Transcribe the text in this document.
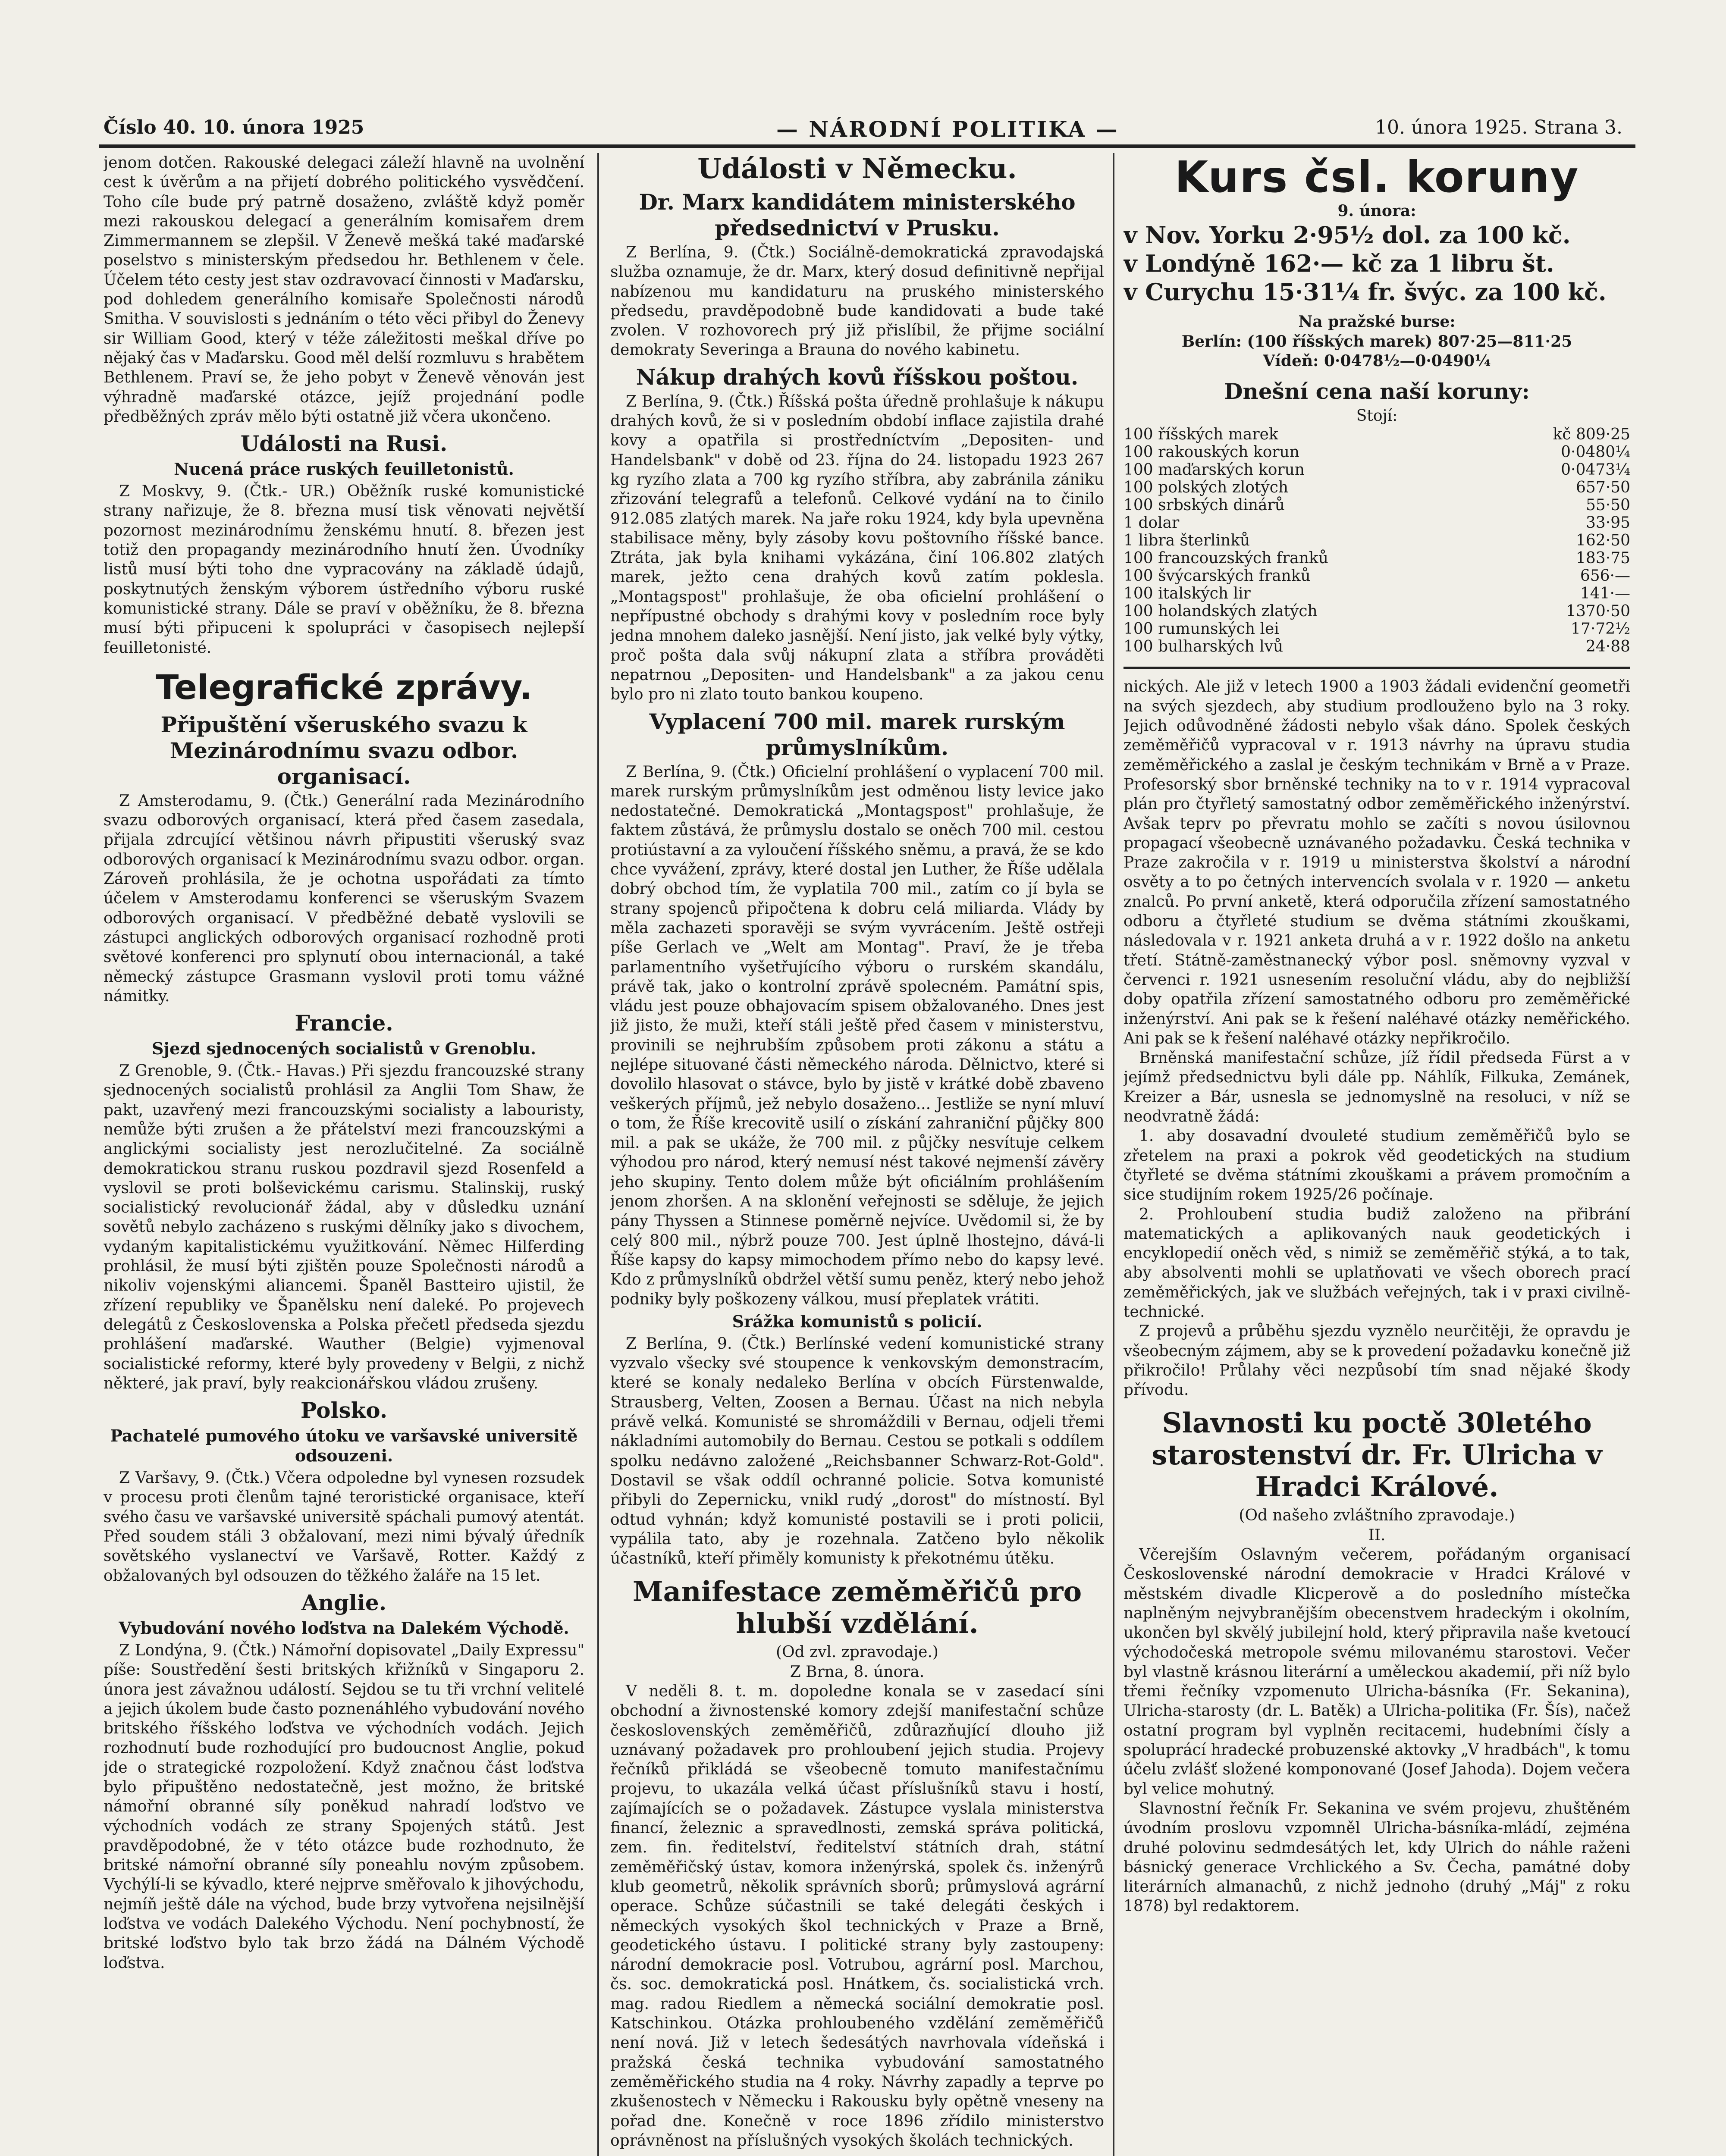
Číslo 40. 10. února 1925	— NÁRODNÍ POLITIKA —	10. února 1925. Strana 3.

jenom dotčen. Rakouské delegaci záleží hlavně na uvolnění cest k úvěrům a na přijetí dobrého politického vysvědčení. Toho cíle bude prý patrně dosaženo, zvláště když poměr mezi rakouskou delegací a generálním komisařem drem Zimmermannem se zlepšil. V Ženevě mešká také maďarské poselstvo s ministerským předsedou hr. Bethlenem v čele. Účelem této cesty jest stav ozdravovací činnosti v Maďarsku, pod dohledem generálního komisaře Společnosti národů Smitha. V souvislosti s jednáním o této věci přibyl do Ženevy sir William Good, který v téže záležitosti meškal dříve po nějaký čas v Maďarsku. Good měl delší rozmluvu s hrabětem Bethlenem. Praví se, že jeho pobyt v Ženevě věnován jest výhradně maďarské otázce, jejíž projednání podle předběžných zpráv mělo býti ostatně již včera ukončeno.

Události na Rusi.
Nucená práce ruských feuilletonistů.

Z Moskvy, 9. (Čtk.- UR.) Oběžník ruské komunistické strany nařizuje, že 8. března musí tisk věnovati největší pozornost mezinárodnímu ženskému hnutí. 8. březen jest totiž den propagandy mezinárodního hnutí žen. Úvodníky listů musí býti toho dne vypracovány na základě údajů, poskytnutých ženským výborem ústředního výboru ruské komunistické strany. Dále se praví v oběžníku, že 8. března musí býti připuceni k spolupráci v časopisech nejlepší feuilletonisté.

Telegrafické zprávy.
Připuštění všeruského svazu k Mezinárodnímu svazu odbor. organisací.

Z Amsterodamu, 9. (Čtk.) Generální rada Mezinárodního svazu odborových organisací, která před časem zasedala, přijala zdrcující většinou návrh připustiti všeruský svaz odborových organisací k Mezinárodnímu svazu odbor. organ. Zároveň prohlásila, že je ochotna uspořádati za tímto účelem v Amsterodamu konferenci se všeruským Svazem odborových organisací. V předběžné debatě vyslovili se zástupci anglických odborových organisací rozhodně proti světové konferenci pro splynutí obou internacionál, a také německý zástupce Grasmann vyslovil proti tomu vážné námitky.

Francie.
Sjezd sjednocených socialistů v Grenoblu.

Z Grenoble, 9. (Čtk.- Havas.) Při sjezdu francouzské strany sjednocených socialistů prohlásil za Anglii Tom Shaw, že pakt, uzavřený mezi francouzskými socialisty a labouristy, nemůže býti zrušen a že přátelství mezi francouzskými a anglickými socialisty jest nerozlučitelné. Za sociálně demokratickou stranu ruskou pozdravil sjezd Rosenfeld a vyslovil se proti bolševickému carismu. Stalinskij, ruský socialistický revolucionář žádal, aby v důsledku uznání sovětů nebylo zacházeno s ruskými dělníky jako s divochem, vydaným kapitalistickému využitkování. Němec Hilferding prohlásil, že musí býti zjištěn pouze Společnosti národů a nikoliv vojenskými aliancemi. Španěl Bastteiro ujistil, že zřízení republiky ve Španělsku není daleké. Po projevech delegátů z Československa a Polska přečetl předseda sjezdu prohlášení maďarské. Wauther (Belgie) vyjmenoval socialistické reformy, které byly provedeny v Belgii, z nichž některé, jak praví, byly reakcionářskou vládou zrušeny.

Polsko.
Pachatelé pumového útoku ve varšavské universitě odsouzeni.

Z Varšavy, 9. (Čtk.) Včera odpoledne byl vynesen rozsudek v procesu proti členům tajné teroristické organisace, kteří svého času ve varšavské universitě spáchali pumový atentát. Před soudem stáli 3 obžalovaní, mezi nimi bývalý úředník sovětského vyslanectví ve Varšavě, Rotter. Každý z obžalovaných byl odsouzen do těžkého žaláře na 15 let.

Anglie.
Vybudování nového loďstva na Dalekém Východě.

Z Londýna, 9. (Čtk.) Námořní dopisovatel „Daily Expressu" píše: Soustředění šesti britských křižníků v Singaporu 2. února jest závažnou událostí. Sejdou se tu tři vrchní velitelé a jejich úkolem bude často poznenáhlého vybudování nového britského říšského loďstva ve východních vodách. Jejich rozhodnutí bude rozhodující pro budoucnost Anglie, pokud jde o strategické rozpoložení. Když značnou část loďstva bylo připuštěno nedostatečně, jest možno, že britské námořní obranné síly poněkud nahradí loďstvo ve východních vodách ze strany Spojených států. Jest pravděpodobné, že v této otázce bude rozhodnuto, že britské námořní obranné síly poneahlu novým způsobem. Vychýlí-li se kývadlo, které nejprve směřovalo k jihovýchodu, nejmíň ještě dále na východ, bude brzy vytvořena nejsilnější loďstva ve vodách Dalekého Východu. Není pochybností, že britské loďstvo bylo tak brzo žádá na Dálném Východě loďstva.

Události v Německu.
Dr. Marx kandidátem ministerského předsednictví v Prusku.

Z Berlína, 9. (Čtk.) Sociálně-demokratická zpravodajská služba oznamuje, že dr. Marx, který dosud definitivně nepřijal nabízenou mu kandidaturu na pruského ministerského předsedu, pravděpodobně bude kandidovati a bude také zvolen. V rozhovorech prý již přislíbil, že přijme sociální demokraty Severinga a Brauna do nového kabinetu.

Nákup drahých kovů říšskou poštou.

Z Berlína, 9. (Čtk.) Říšská pošta úředně prohlašuje k nákupu drahých kovů, že si v posledním období inflace zajistila drahé kovy a opatřila si prostředníctvím „Depositen- und Handelsbank" v době od 23. října do 24. listopadu 1923 267 kg ryzího zlata a 700 kg ryzího stříbra, aby zabránila zániku zřizování telegrafů a telefonů. Celkové vydání na to činilo 912.085 zlatých marek. Na jaře roku 1924, kdy byla upevněna stabilisace měny, byly zásoby kovu poštovního říšské bance. Ztráta, jak byla knihami vykázána, činí 106.802 zlatých marek, ježto cena drahých kovů zatím poklesla. „Montagspost" prohlašuje, že oba oficielní prohlášení o nepřípustné obchody s drahými kovy v posledním roce byly jedna mnohem daleko jasnější. Není jisto, jak velké byly výtky, proč pošta dala svůj nákupní zlata a stříbra prováděti nepatrnou „Depositen- und Handelsbank" a za jakou cenu bylo pro ni zlato touto bankou koupeno.

Vyplacení 700 mil. marek rurským průmyslníkům.

Z Berlína, 9. (Čtk.) Oficielní prohlášení o vyplacení 700 mil. marek rurským průmyslníkům jest odměnou listy levice jako nedostatečné. Demokratická „Montagspost" prohlašuje, že faktem zůstává, že průmyslu dostalo se oněch 700 mil. cestou protiústavní a za vyloučení říšského sněmu, a pravá, že se kdo chce vyvážení, zprávy, které dostal jen Luther, že Říše udělala dobrý obchod tím, že vyplatila 700 mil., zatím co jí byla se strany spojenců připočtena k dobru celá miliarda. Vlády by měla zachazeti sporavěji se svým vyvrácením. Ještě ostřeji píše Gerlach ve „Welt am Montag". Praví, že je třeba parlamentního vyšetřujícího výboru o rurském skandálu, právě tak, jako o kontrolní zprávě spolecném. Památní spis, vládu jest pouze obhajovacím spisem obžalovaného. Dnes jest již jisto, že muži, kteří stáli ještě před časem v ministerstvu, provinili se nejhrubším způsobem proti zákonu a státu a nejlépe situované části německého národa. Dělnictvo, které si dovolilo hlasovat o stávce, bylo by jistě v krátké době zbaveno veškerých příjmů, jež nebylo dosaženo... Jestliže se nyní mluví o tom, že Říše krecovitě usilí o získání zahraniční půjčky 800 mil. a pak se ukáže, že 700 mil. z půjčky nesvítuje celkem výhodou pro národ, který nemusí nést takové nejmenší závěry jeho skupiny. Tento dolem může být oficiálním prohlášením jenom zhoršen. A na sklonění veřejnosti se sděluje, že jejich pány Thyssen a Stinnese poměrně nejvíce. Uvědomil si, že by celý 800 mil., nýbrž pouze 700. Jest úplně lhostejno, dává-li Říše kapsy do kapsy mimochodem přímo nebo do kapsy levé. Kdo z průmyslníků obdržel větší sumu peněz, který nebo jehož podniky byly poškozeny válkou, musí přeplatek vrátiti.

Srážka komunistů s policií.

Z Berlína, 9. (Čtk.) Berlínské vedení komunistické strany vyzvalo všecky své stoupence k venkovským demonstracím, které se konaly nedaleko Berlína v obcích Fürstenwalde, Strausberg, Velten, Zoosen a Bernau. Účast na nich nebyla právě velká. Komunisté se shromáždili v Bernau, odjeli třemi nákladními automobily do Bernau. Cestou se potkali s oddílem spolku nedávno založené „Reichsbanner Schwarz-Rot-Gold". Dostavil se však oddíl ochranné policie. Sotva komunisté přibyli do Zepernicku, vnikl rudý „dorost" do místností. Byl odtud vyhnán; když komunisté postavili se i proti policii, vypálila tato, aby je rozehnala. Zatčeno bylo několik účastníků, kteří přiměly komunisty k překotnému útěku.

Manifestace zeměměřičů pro hlubší vzdělání.

(Od zvl. zpravodaje.)

Z Brna, 8. února.

V neděli 8. t. m. dopoledne konala se v zasedací síni obchodní a živnostenské komory zdejší manifestační schůze československých zeměměřičů, zdůrazňující dlouho již uznávaný požadavek pro prohloubení jejich studia. Projevy řečníků přikládá se všeobecně tomuto manifestačnímu projevu, to ukazála velká účast příslušníků stavu i hostí, zajímajících se o požadavek. Zástupce vyslala ministerstva financí, železnic a spravedlnosti, zemská správa politická, zem. fin. ředitelství, ředitelství státních drah, státní zeměměřičský ústav, komora inženýrská, spolek čs. inženýrů klub geometrů, několik správních sborů; průmyslová agrární operace. Schůze súčastnili se také delegáti českých i německých vysokých škol technických v Praze a Brně, geodetického ústavu. I politické strany byly zastoupeny: národní demokracie posl. Votrubou, agrární posl. Marchou, čs. soc. demokratická posl. Hnátkem, čs. socialistická vrch. mag. radou Riedlem a německá sociální demokratie posl. Katschinkou. Otázka prohloubeného vzdělání zeměměřičů není nová. Již v letech šedesátých navrhovala vídeňská i pražská česká technika vybudování samostatného zeměměřického studia na 4 roky. Návrhy zapadly a teprve po zkušenostech v Německu i Rakousku byly opětně vneseny na pořad dne. Konečně v roce 1896 zřídilo ministerstvo oprávněnost na příslušných vysokých školách technických.

Kurs čsl. koruny

9. února:

v Nov. Yorku 2·95½ dol. za 100 kč.
v Londýně 162·— kč za 1 libru št.
v Curychu 15·31¼ fr. švýc. za 100 kč.

Na pražské burse:

Berlín: (100 říšských marek) 807·25—811·25

Vídeň: 0·0478½—0·0490¼

Dnešní cena naší koruny:

Stojí:

100 říšských marek	kč 809·25
100 rakouských korun	0·0480¼
100 maďarských korun	0·0473¼
100 polských zlotých	657·50
100 srbských dinárů	55·50
1 dolar	33·95
1 libra šterlinků	162·50
100 francouzských franků	183·75
100 švýcarských franků	656·—
100 italských lir	141·—
100 holandských zlatých	1370·50
100 rumunských lei	17·72½
100 bulharských lvů	24·88

nických. Ale již v letech 1900 a 1903 žádali evidenční geometři na svých sjezdech, aby studium prodlouženo bylo na 3 roky. Jejich odůvodněné žádosti nebylo však dáno. Spolek českých zeměměřičů vypracoval v r. 1913 návrhy na úpravu studia zeměměřického a zaslal je českým technikám v Brně a v Praze. Profesorský sbor brněnské techniky na to v r. 1914 vypracoval plán pro čtyřletý samostatný odbor zeměměřického inženýrství. Avšak teprv po převratu mohlo se začíti s novou úsilovnou propagací všeobecně uznávaného požadavku. Česká technika v Praze zakročila v r. 1919 u ministerstva školství a národní osvěty a to po četných intervencích svolala v r. 1920 — anketu znalců. Po první anketě, která odporučila zřízení samostatného odboru a čtyřleté studium se dvěma státními zkouškami, následovala v r. 1921 anketa druhá a v r. 1922 došlo na anketu třetí. Státně-zaměstnanecký výbor posl. sněmovny vyzval v červenci r. 1921 usnesením resoluční vládu, aby do nejbližší doby opatřila zřízení samostatného odboru pro zeměměřické inženýrství. Ani pak se k řešení naléhavé otázky neměřického. Ani pak se k řešení naléhavé otázky nepřikročilo.

Brněnská manifestační schůze, jíž řídil předseda Fürst a v jejímž předsednictvu byli dále pp. Náhlík, Filkuka, Zemánek, Kreizer a Bár, usnesla se jednomyslně na resoluci, v níž se neodvratně žádá:

1. aby dosavadní dvouleté studium zeměměřičů bylo se zřetelem na praxi a pokrok věd geodetických na studium čtyřleté se dvěma státními zkouškami a právem promočním a sice studijním rokem 1925/26 počínaje.

2. Prohloubení studia budiž založeno na přibrání matematických a aplikovaných nauk geodetických i encyklopedií oněch věd, s nimiž se zeměměřič stýká, a to tak, aby absolventi mohli se uplatňovati ve všech oborech prací zeměměřických, jak ve službách veřejných, tak i v praxi civilně-technické.

Z projevů a průběhu sjezdu vyznělo neurčitěji, že opravdu je všeobecným zájmem, aby se k provedení požadavku konečně již přikročilo! Průlahy věci nezpůsobí tím snad nějaké škody přívodu.

Slavnosti ku poctě 30letého starostenství dr. Fr. Ulricha v Hradci Králové.

(Od našeho zvláštního zpravodaje.)

II.

Včerejším Oslavným večerem, pořádaným organisací Československé národní demokracie v Hradci Králové v městském divadle Klicperově a do posledního místečka naplněným nejvybranějším obecenstvem hradeckým i okolním, ukončen byl skvělý jubilejní hold, který připravila naše kvetoucí východočeská metropole svému milovanému starostovi. Večer byl vlastně krásnou literární a uměleckou akademií, při níž bylo třemi řečníky vzpomenuto Ulricha-básníka (Fr. Sekanina), Ulricha-starosty (dr. L. Batěk) a Ulricha-politika (Fr. Šís), načež ostatní program byl vyplněn recitacemi, hudebními čísly a spoluprácí hradecké probuzenské aktovky „V hradbách", k tomu účelu zvlášť složené komponované (Josef Jahoda). Dojem večera byl velice mohutný.

Slavnostní řečník Fr. Sekanina ve svém projevu, zhuštěném úvodním proslovu vzpomněl Ulricha-básníka-mládí, zejména druhé polovinu sedmdesátých let, kdy Ulrich do náhle raženi básnický generace Vrchlického a Sv. Čecha, památné doby literárních almanachů, z nichž jednoho (druhý „Máj" z roku 1878) byl redaktorem.
